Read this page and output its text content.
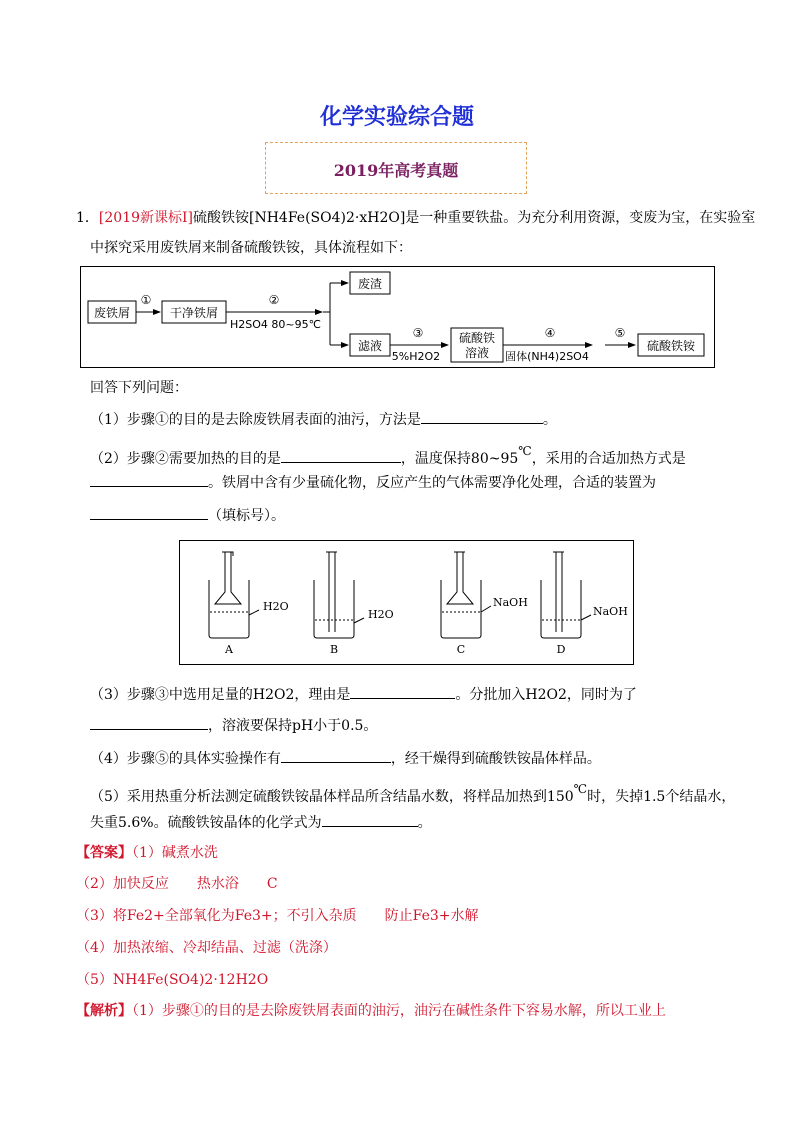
化学实验综合题
2019年高考真题
1．[2019新课标Ⅰ]硫酸铁铵[NH4Fe(SO4)2·xH2O]是一种重要铁盐。为充分利用资源，变废为宝，在实验室
中探究采用废铁屑来制备硫酸铁铵，具体流程如下：
废铁屑
①
干净铁屑
②
H2SO4 80~95℃
废渣
滤液
③
5%H2O2
硫酸铁
溶液
④
固体(NH4)2SO4
⑤
硫酸铁铵
回答下列问题：
（1）步骤①的目的是去除废铁屑表面的油污，方法是	。
（2）步骤②需要加热的目的是	，温度保持80~95℃，采用的合适加热方式是
。铁屑中含有少量硫化物，反应产生的气体需要净化处理，合适的装置为
（填标号）。
H2O
A
H2O
B
NaOH
C
NaOH
D
（3）步骤③中选用足量的H2O2，理由是	。分批加入H2O2，同时为了
，溶液要保持pH小于0.5。
（4）步骤⑤的具体实验操作有	，经干燥得到硫酸铁铵晶体样品。
（5）采用热重分析法测定硫酸铁铵晶体样品所含结晶水数，将样品加热到150℃时，失掉1.5个结晶水，
失重5.6%。硫酸铁铵晶体的化学式为	。
【答案】（1）碱煮水洗
（2）加快反应　　热水浴　　C
（3）将Fe2+全部氧化为Fe3+；不引入杂质　　防止Fe3+水解
（4）加热浓缩、冷却结晶、过滤（洗涤）
（5）NH4Fe(SO4)2·12H2O
【解析】（1）步骤①的目的是去除废铁屑表面的油污，油污在碱性条件下容易水解，所以工业上
